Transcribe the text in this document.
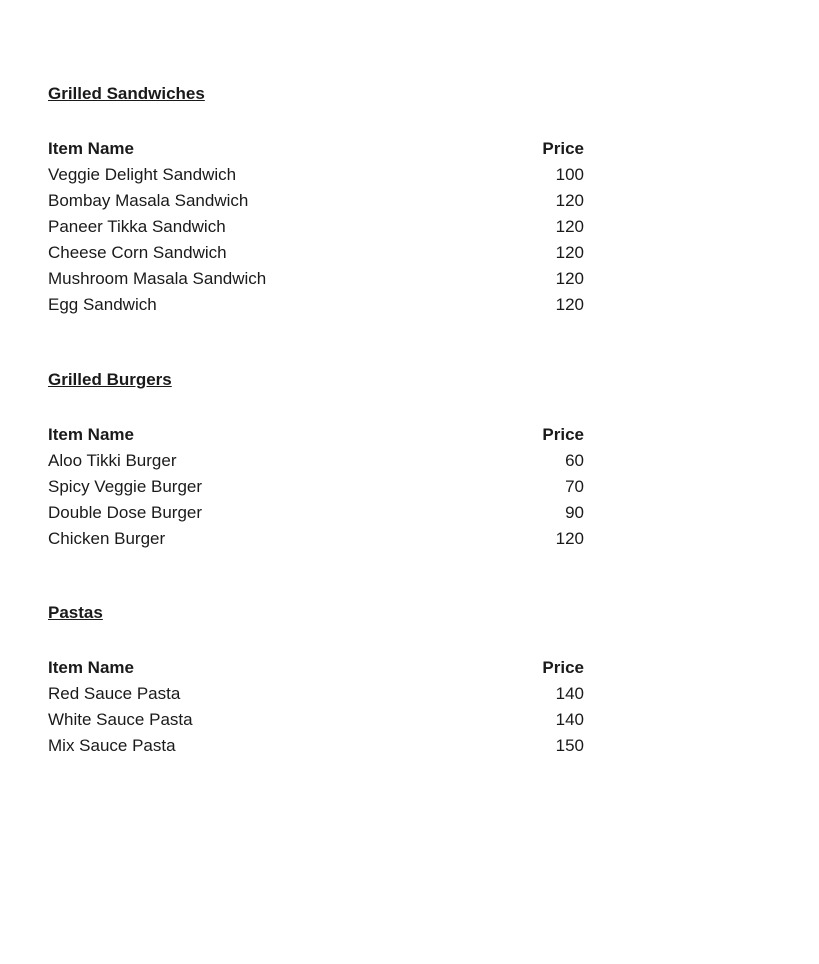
Grilled Sandwiches
Item Name	Price
Veggie Delight Sandwich	100
Bombay Masala Sandwich	120
Paneer Tikka Sandwich	120
Cheese Corn Sandwich	120
Mushroom Masala Sandwich	120
Egg Sandwich	120
Grilled Burgers
Item Name	Price
Aloo Tikki Burger	60
Spicy Veggie Burger	70
Double Dose Burger	90
Chicken Burger	120
Pastas
Item Name	Price
Red Sauce Pasta	140
White Sauce Pasta	140
Mix Sauce Pasta	150
